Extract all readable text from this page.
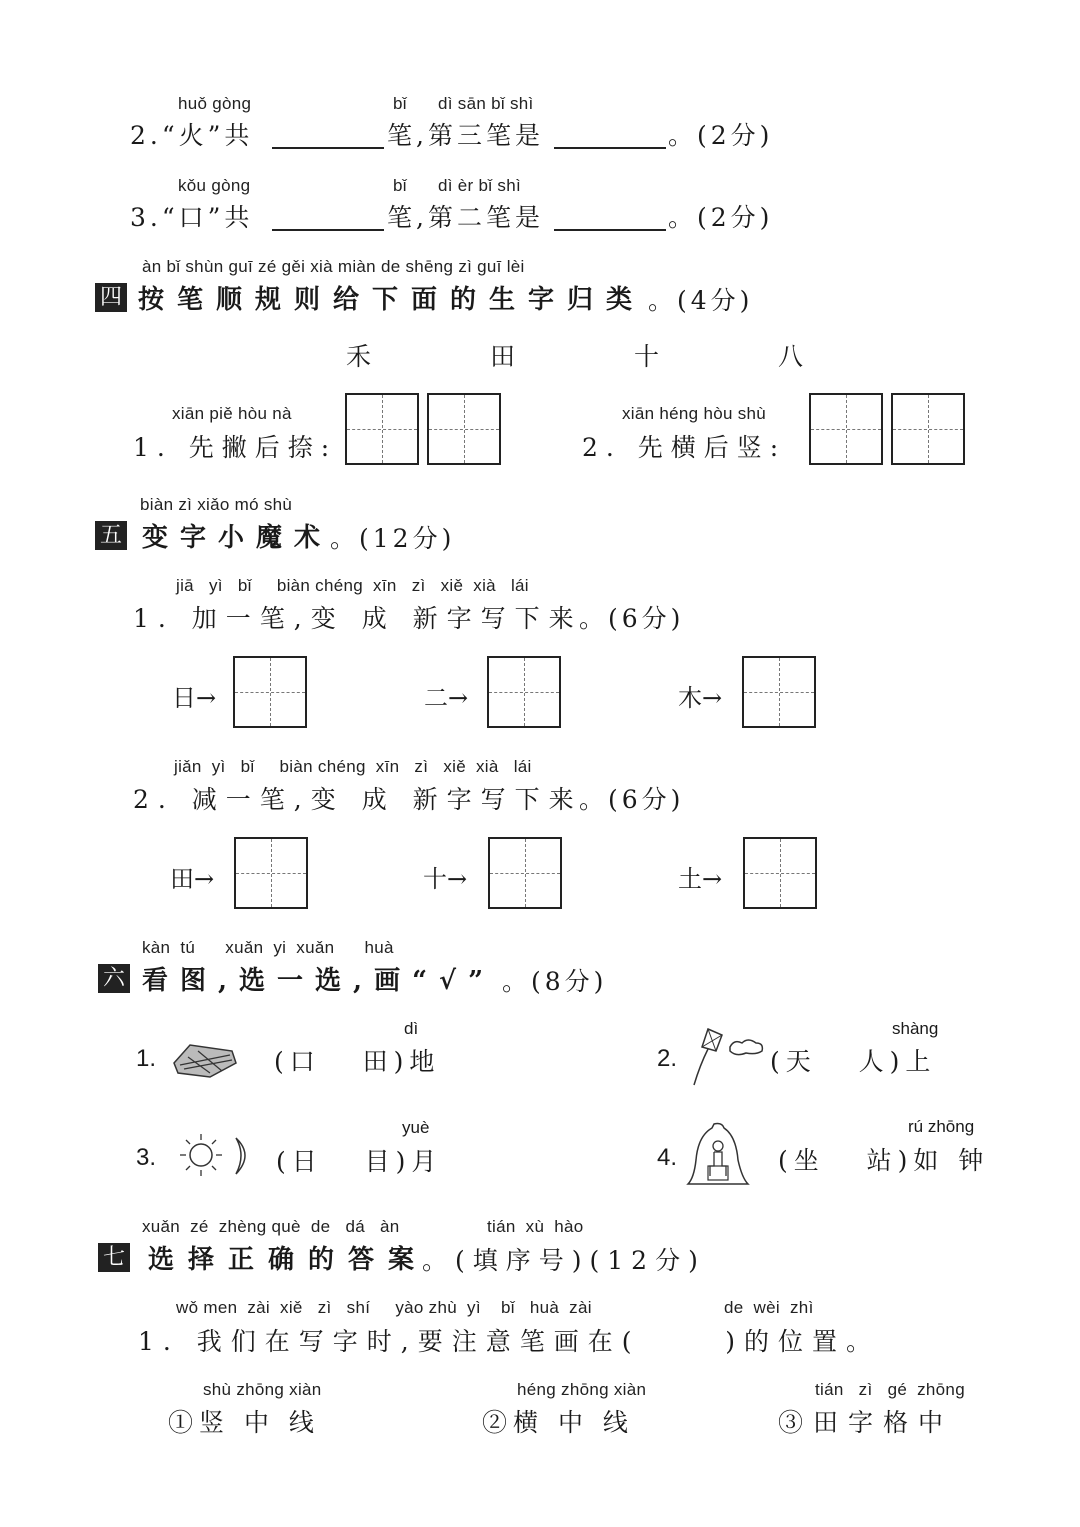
huǒ gòng	bǐ dì sān bǐ shì
2.“火”共	笔,第三笔是	。(2分)
kǒu gòng	bǐ dì èr bǐ shì
3.“口”共	笔,第二笔是	。(2分)
àn bǐ shùn guī zé gěi xià miàn de shēng zì guī lèi
四 按笔顺规则给下面的生字归类 。(4分)
禾	田	十	八
xiān piě hòu nà
1. 先撇后捺:
xiān héng hòu shù
2. 先横后竖:
biàn zì xiǎo mó shù
五 变字小魔术
。(12分)
jiā   yì   bǐ     biàn chéng  xīn   zì   xiě  xià   lái
1. 加一笔,变 成 新字写下来
。(6分)
日→	二→	木→
jiǎn  yì   bǐ     biàn chéng  xīn   zì   xiě  xià   lái
2. 减一笔,变 成 新字写下来
。(6分)
田→	十→	土→
kàn  tú      xuǎn  yi  xuǎn      huà
六 看图,选一选,画“√” 。(8分)
1.
dì
(口   田)地	2.
shàng
(天   人)上
3.
yuè
(日   目)月	4.
rú zhōng
(坐   站)如 钟
xuǎn  zé  zhèng què  de   dá   àn	tián  xù  hào
七 选择正确的答案
。(填序号)(12分)
wǒ men  zài  xiě   zì   shí     yào zhù  yì    bǐ   huà  zài	de  wèi  zhì
1. 我们在写字时,要注意笔画在(     )的位置。
shù zhōng xiàn
①竖 中 线
héng zhōng xiàn
②横 中 线
tián   zì   gé  zhōng
③田字格中
